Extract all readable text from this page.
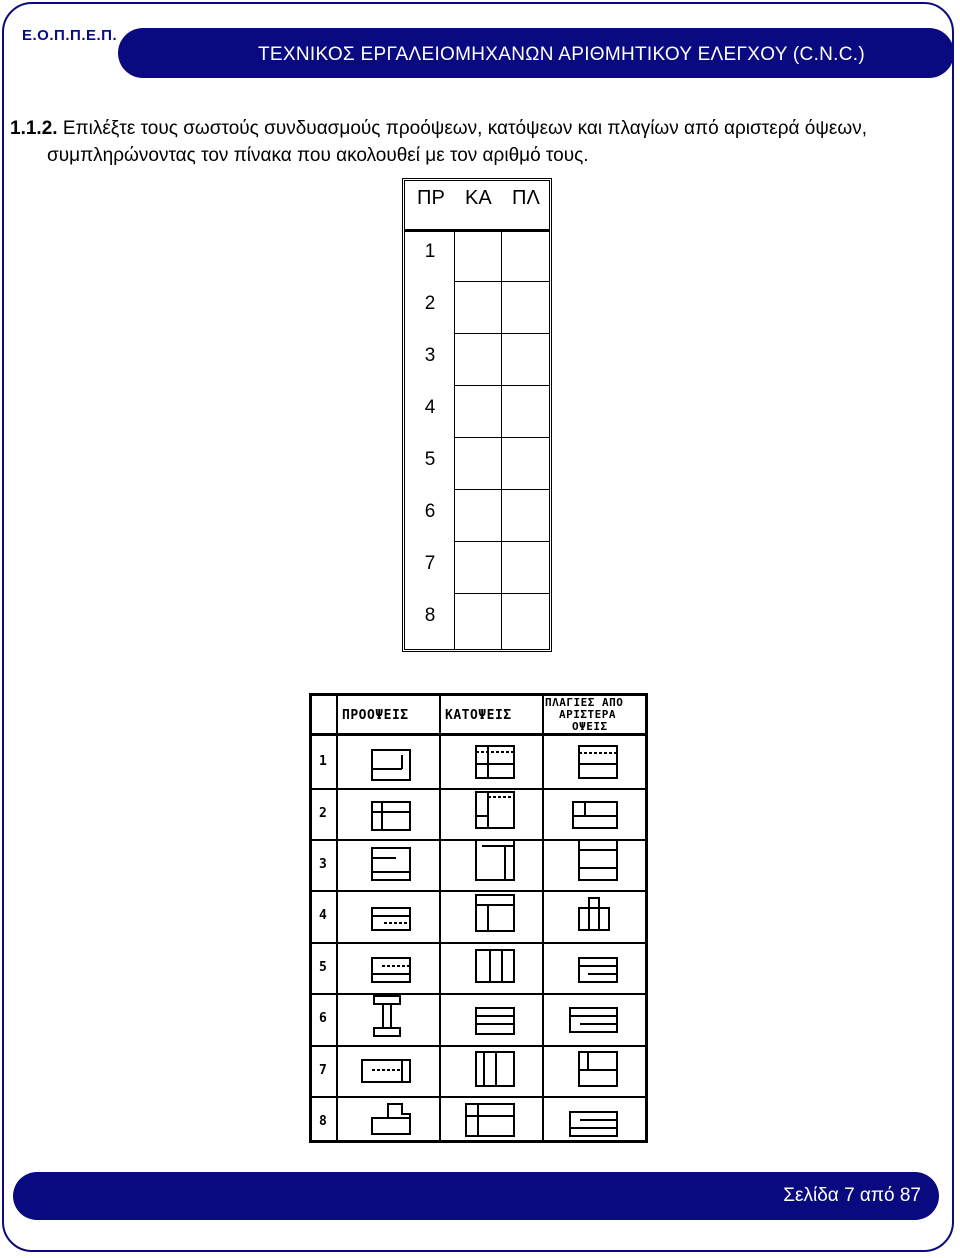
Ε.Ο.Π.Π.Ε.Π.
ΤΕΧΝΙΚΟΣ ΕΡΓΑΛΕΙΟΜΗΧΑΝΩΝ ΑΡΙΘΜΗΤΙΚΟΥ ΕΛΕΓΧΟΥ (C.N.C.)
1.1.2. Επιλέξτε τους σωστούς συνδυασμούς προόψεων, κατόψεων και πλαγίων από αριστερά όψεων,
συμπληρώνοντας τον πίνακα που ακολουθεί με τον αριθμό τους.
ΠΡ ΚΑ ΠΛ
1
2
3
4
5
6
7
8
ΠΡΟΟΨΕΙΣ	ΚΑΤΟΨΕΙΣ
ΠΛΑΓΙΕΣ ΑΠΟ
ΑΡΙΣΤΕΡΑ
ΟΨΕΙΣ
1
2
3
4
5
6
7
8
Σελίδα 7 από 87
